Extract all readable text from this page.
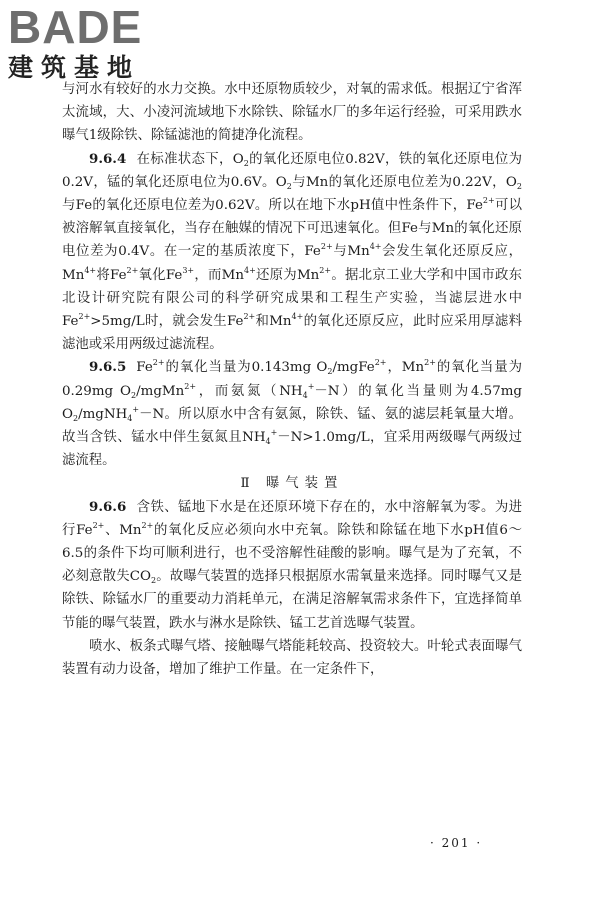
BADE
建筑基地

与河水有较好的水力交换。水中还原物质较少，对氧的需求低。根据辽宁省浑太流域，大、小凌河流域地下水除铁、除锰水厂的多年运行经验，可采用跌水曝气1级除铁、除锰滤池的简捷净化流程。

9.6.4 在标准状态下，$O_2$的氧化还原电位0.82V，铁的氧化还原电位为0.2V，锰的氧化还原电位为0.6V。$O_2$与Mn的氧化还原电位差为0.22V，$O_2$与Fe的氧化还原电位差为0.62V。所以在地下水pH值中性条件下，$Fe^{2+}$可以被溶解氧直接氧化，当存在触媒的情况下可迅速氧化。但Fe与Mn的氧化还原电位差为0.4V。在一定的基质浓度下，$Fe^{2+}$与$Mn^{4+}$会发生氧化还原反应，$Mn^{4+}$将$Fe^{2+}$氧化$Fe^{3+}$，而$Mn^{4+}$还原为$Mn^{2+}$。据北京工业大学和中国市政东北设计研究院有限公司的科学研究成果和工程生产实验，当滤层进水中$Fe^{2+}>5mg/L$时，就会发生$Fe^{2+}$和$Mn^{4+}$的氧化还原反应，此时应采用厚滤料滤池或采用两级过滤流程。

9.6.5 $Fe^{2+}$的氧化当量为0.143mg $O_2/mgFe^{2+}$，$Mn^{2+}$的氧化当量为0.29mg $O_2/mgMn^{2+}$，而氨氮$(NH_4^+-N)$的氧化当量则为4.57mg $O_2/mgNH_4^+-N$。所以原水中含有氨氮，除铁、锰、氨的滤层耗氧量大增。故当含铁、锰水中伴生氨氮且$NH_4^+-N>1.0mg/L$，宜采用两级曝气两级过滤流程。

Ⅱ 曝气装置

9.6.6 含铁、锰地下水是在还原环境下存在的，水中溶解氧为零。为进行$Fe^{2+}$、$Mn^{2+}$的氧化反应必须向水中充氧。除铁和除锰在地下水pH值6～6.5的条件下均可顺利进行，也不受溶解性硅酸的影响。曝气是为了充氧，不必刻意散失$CO_2$。故曝气装置的选择只根据原水需氧量来选择。同时曝气又是除铁、除锰水厂的重要动力消耗单元，在满足溶解氧需求条件下，宜选择简单节能的曝气装置，跌水与淋水是除铁、锰工艺首选曝气装置。

喷水、板条式曝气塔、接触曝气塔能耗较高、投资较大。叶轮式表面曝气装置有动力设备，增加了维护工作量。在一定条件下，

· 201 ·
